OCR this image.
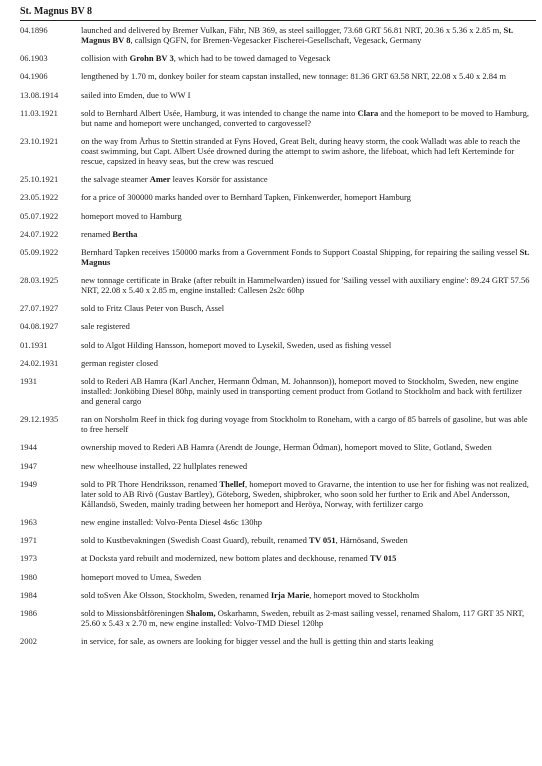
St. Magnus BV 8
04.1896	launched and delivered by Bremer Vulkan, Fähr, NB 369, as steel saillogger, 73.68 GRT 56.81 NRT, 20.36 x 5.36 x 2.85 m, St. Magnus BV 8, callsign QGFN, for Bremen-Vegesacker Fischerei-Gesellschaft, Vegesack, Germany
06.1903	collision with Grohn BV 3, which had to be towed damaged to Vegesack
04.1906	lengthened by 1.70 m, donkey boiler for steam capstan installed, new tonnage: 81.36 GRT 63.58 NRT, 22.08 x 5.40 x 2.84 m
13.08.1914	sailed into Emden, due to WW I
11.03.1921	sold to Bernhard Albert Usée, Hamburg, it was intended to change the name into Clara and the homeport to be moved to Hamburg, but name and homeport were unchanged, converted to cargovessel?
23.10.1921	on the way from Århus to Stettin stranded at Fyns Hoved, Great Belt, during heavy storm, the cook Walladt was able to reach the coast swimming, but Capt. Albert Usée drowned during the attempt to swim ashore, the lifeboat, which had left Kerteminde for rescue, capsized in heavy seas, but the crew was rescued
25.10.1921	the salvage steamer Amer leaves Korsör for assistance
23.05.1922	for a price of 300000 marks handed over to Bernhard Tapken, Finkenwerder, homeport Hamburg
05.07.1922	homeport moved to Hamburg
24.07.1922	renamed Bertha
05.09.1922	Bernhard Tapken receives 150000 marks from a Government Fonds to Support Coastal Shipping, for repairing the sailing vessel St. Magnus
28.03.1925	new tonnage certificate in Brake (after rebuilt in Hammelwarden) issued for 'Sailing vessel with auxiliary engine': 89.24 GRT 57.56 NRT, 22.08 x 5.40 x 2.85 m, engine installed: Callesen 2s2c 60hp
27.07.1927	sold to Fritz Claus Peter von Busch, Assel
04.08.1927	sale registered
01.1931	sold to Algot Hilding Hansson, homeport moved to Lysekil, Sweden, used as fishing vessel
24.02.1931	german register closed
1931	sold to Rederi AB Hamra (Karl Ancher, Hermann Ödman, M. Johannson)), homeport moved to Stockholm, Sweden, new engine installed: Jonköbing Diesel 80hp, mainly used in transporting cement product from Gotland to Stockholm and back with fertilizer and general cargo
29.12.1935	ran on Norsholm Reef in thick fog during voyage from Stockholm to Roneham, with a cargo of 85 barrels of gasoline, but was able to free herself
1944	ownership moved to Rederi AB Hamra (Arendt de Jounge, Herman Ödman), homeport moved to Slite, Gotland, Sweden
1947	new wheelhouse installed, 22 hullplates renewed
1949	sold to PR Thore Hendriksson, renamed Thellef, homeport moved to Gravarne, the intention to use her for fishing was not realized, later sold to AB Rivö (Gustav Bartley), Göteborg, Sweden, shipbroker, who soon sold her further to Erik and Abel Andersson, Kållandsö, Sweden, mainly trading between her homeport and Heröya, Norway, with fertilizer cargo
1963	new engine installed: Volvo-Penta Diesel 4s6c 130hp
1971	sold to Kustbevakningen (Swedish Coast Guard), rebuilt, renamed TV 051, Härnösand, Sweden
1973	at Docksta yard rebuilt and modernized, new bottom plates and deckhouse, renamed TV 015
1980	homeport moved to Umea, Sweden
1984	sold toSven Åke Olsson, Stockholm, Sweden, renamed Irja Marie, homeport moved to Stockholm
1986	sold to Missionsbåtföreningen Shalom, Oskarhamn, Sweden, rebuilt as 2-mast sailing vessel, renamed Shalom, 117 GRT 35 NRT, 25.60 x 5.43 x 2.70 m, new engine installed: Volvo-TMD Diesel 120hp
2002	in service, for sale, as owners are looking for bigger vessel and the hull is getting thin and starts leaking
